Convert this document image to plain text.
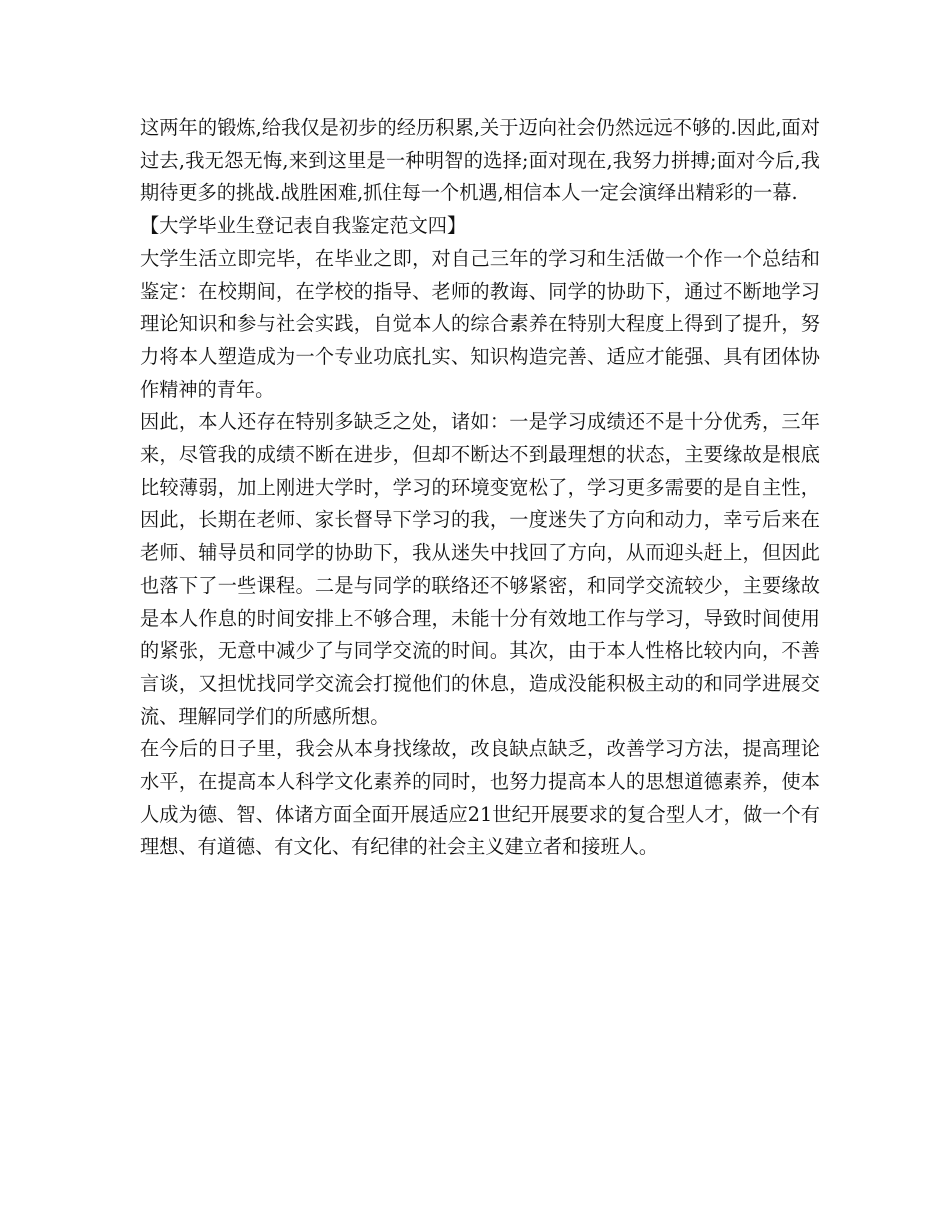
这两年的锻炼,给我仅是初步的经历积累,关于迈向社会仍然远远不够的.因此,面对过去,我无怨无悔,来到这里是一种明智的选择;面对现在,我努力拼搏;面对今后,我期待更多的挑战.战胜困难,抓住每一个机遇,相信本人一定会演绎出精彩的一幕.

【大学毕业生登记表自我鉴定范文四】

大学生活立即完毕，在毕业之即，对自己三年的学习和生活做一个作一个总结和鉴定：在校期间，在学校的指导、老师的教诲、同学的协助下，通过不断地学习理论知识和参与社会实践，自觉本人的综合素养在特别大程度上得到了提升，努力将本人塑造成为一个专业功底扎实、知识构造完善、适应才能强、具有团体协作精神的青年。

因此，本人还存在特别多缺乏之处，诸如：一是学习成绩还不是十分优秀，三年来，尽管我的成绩不断在进步，但却不断达不到最理想的状态，主要缘故是根底比较薄弱，加上刚进大学时，学习的环境变宽松了，学习更多需要的是自主性，因此，长期在老师、家长督导下学习的我，一度迷失了方向和动力，幸亏后来在老师、辅导员和同学的协助下，我从迷失中找回了方向，从而迎头赶上，但因此也落下了一些课程。二是与同学的联络还不够紧密，和同学交流较少，主要缘故是本人作息的时间安排上不够合理，未能十分有效地工作与学习，导致时间使用的紧张，无意中减少了与同学交流的时间。其次，由于本人性格比较内向，不善言谈，又担忧找同学交流会打搅他们的休息，造成没能积极主动的和同学进展交流、理解同学们的所感所想。

在今后的日子里，我会从本身找缘故，改良缺点缺乏，改善学习方法，提高理论水平，在提高本人科学文化素养的同时，也努力提高本人的思想道德素养，使本人成为德、智、体诸方面全面开展适应21世纪开展要求的复合型人才，做一个有理想、有道德、有文化、有纪律的社会主义建立者和接班人。
